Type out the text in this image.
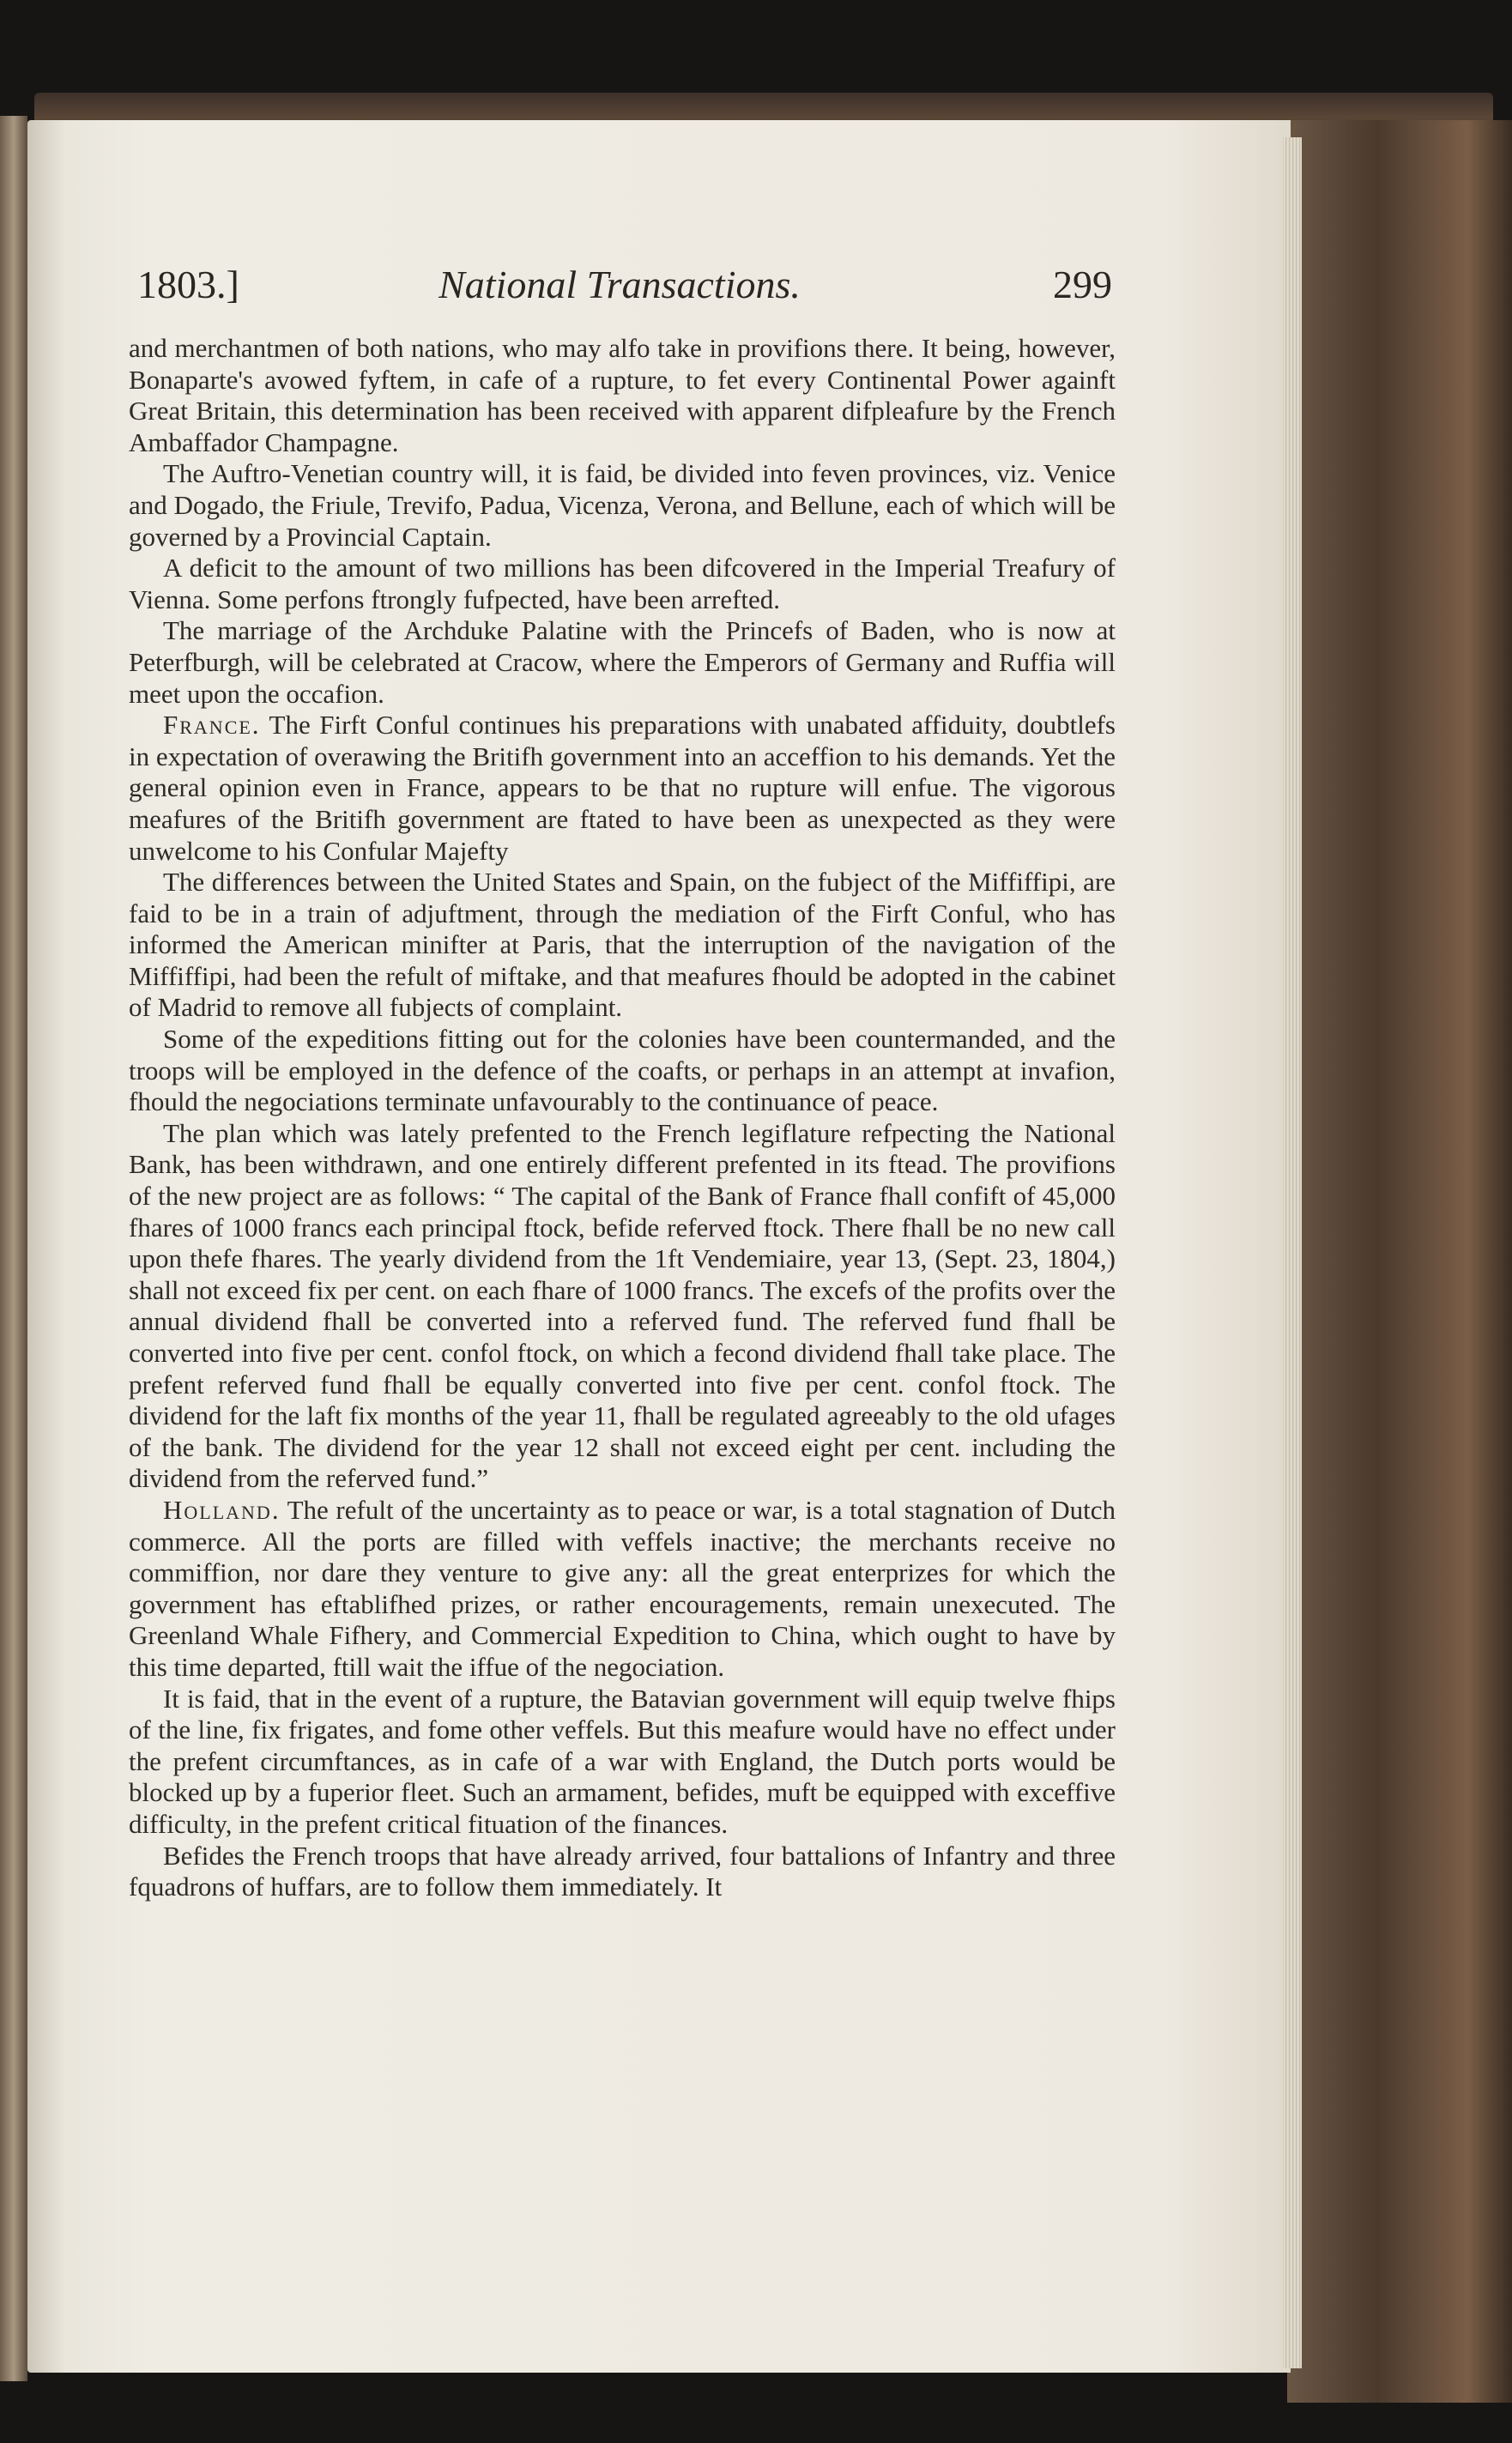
1803.]	National Transactions.	299

and merchantmen of both nations, who may alfo take in provifions there. It being, however, Bonaparte's avowed fyftem, in cafe of a rupture, to fet every Continental Power againft Great Britain, this determination has been received with apparent difpleafure by the French Ambaffador Champagne.

The Auftro-Venetian country will, it is faid, be divided into feven provinces, viz. Venice and Dogado, the Friule, Trevifo, Padua, Vicenza, Verona, and Bellune, each of which will be governed by a Provincial Captain.

A deficit to the amount of two millions has been difcovered in the Imperial Treafury of Vienna. Some perfons ftrongly fufpected, have been arrefted.

The marriage of the Archduke Palatine with the Princefs of Baden, who is now at Peterfburgh, will be celebrated at Cracow, where the Emperors of Germany and Ruffia will meet upon the occafion.

France. The Firft Conful continues his preparations with unabated affiduity, doubtlefs in expectation of overawing the Britifh government into an acceffion to his demands. Yet the general opinion even in France, appears to be that no rupture will enfue. The vigorous meafures of the Britifh government are ftated to have been as unexpected as they were unwelcome to his Confular Majefty

The differences between the United States and Spain, on the fubject of the Miffiffipi, are faid to be in a train of adjuftment, through the mediation of the Firft Conful, who has informed the American minifter at Paris, that the interruption of the navigation of the Miffiffipi, had been the refult of miftake, and that meafures fhould be adopted in the cabinet of Madrid to remove all fubjects of complaint.

Some of the expeditions fitting out for the colonies have been countermanded, and the troops will be employed in the defence of the coafts, or perhaps in an attempt at invafion, fhould the negociations terminate unfavourably to the continuance of peace.

The plan which was lately prefented to the French legiflature refpecting the National Bank, has been withdrawn, and one entirely different prefented in its ftead. The provifions of the new project are as follows: “ The capital of the Bank of France fhall confift of 45,000 fhares of 1000 francs each principal ftock, befide referved ftock. There fhall be no new call upon thefe fhares. The yearly dividend from the 1ft Vendemiaire, year 13, (Sept. 23, 1804,) shall not exceed fix per cent. on each fhare of 1000 francs. The excefs of the profits over the annual dividend fhall be converted into a referved fund. The referved fund fhall be converted into five per cent. confol ftock, on which a fecond dividend fhall take place. The prefent referved fund fhall be equally converted into five per cent. confol ftock. The dividend for the laft fix months of the year 11, fhall be regulated agreeably to the old ufages of the bank. The dividend for the year 12 shall not exceed eight per cent. including the dividend from the referved fund.”

Holland. The refult of the uncertainty as to peace or war, is a total stagnation of Dutch commerce. All the ports are filled with veffels inactive; the merchants receive no commiffion, nor dare they venture to give any: all the great enterprizes for which the government has eftablifhed prizes, or rather encouragements, remain unexecuted. The Greenland Whale Fifhery, and Commercial Expedition to China, which ought to have by this time departed, ftill wait the iffue of the negociation.

It is faid, that in the event of a rupture, the Batavian government will equip twelve fhips of the line, fix frigates, and fome other veffels. But this meafure would have no effect under the prefent circumftances, as in cafe of a war with England, the Dutch ports would be blocked up by a fuperior fleet. Such an armament, befides, muft be equipped with exceffive difficulty, in the prefent critical fituation of the finances.

Befides the French troops that have already arrived, four battalions of Infantry and three fquadrons of huffars, are to follow them immediately. It
